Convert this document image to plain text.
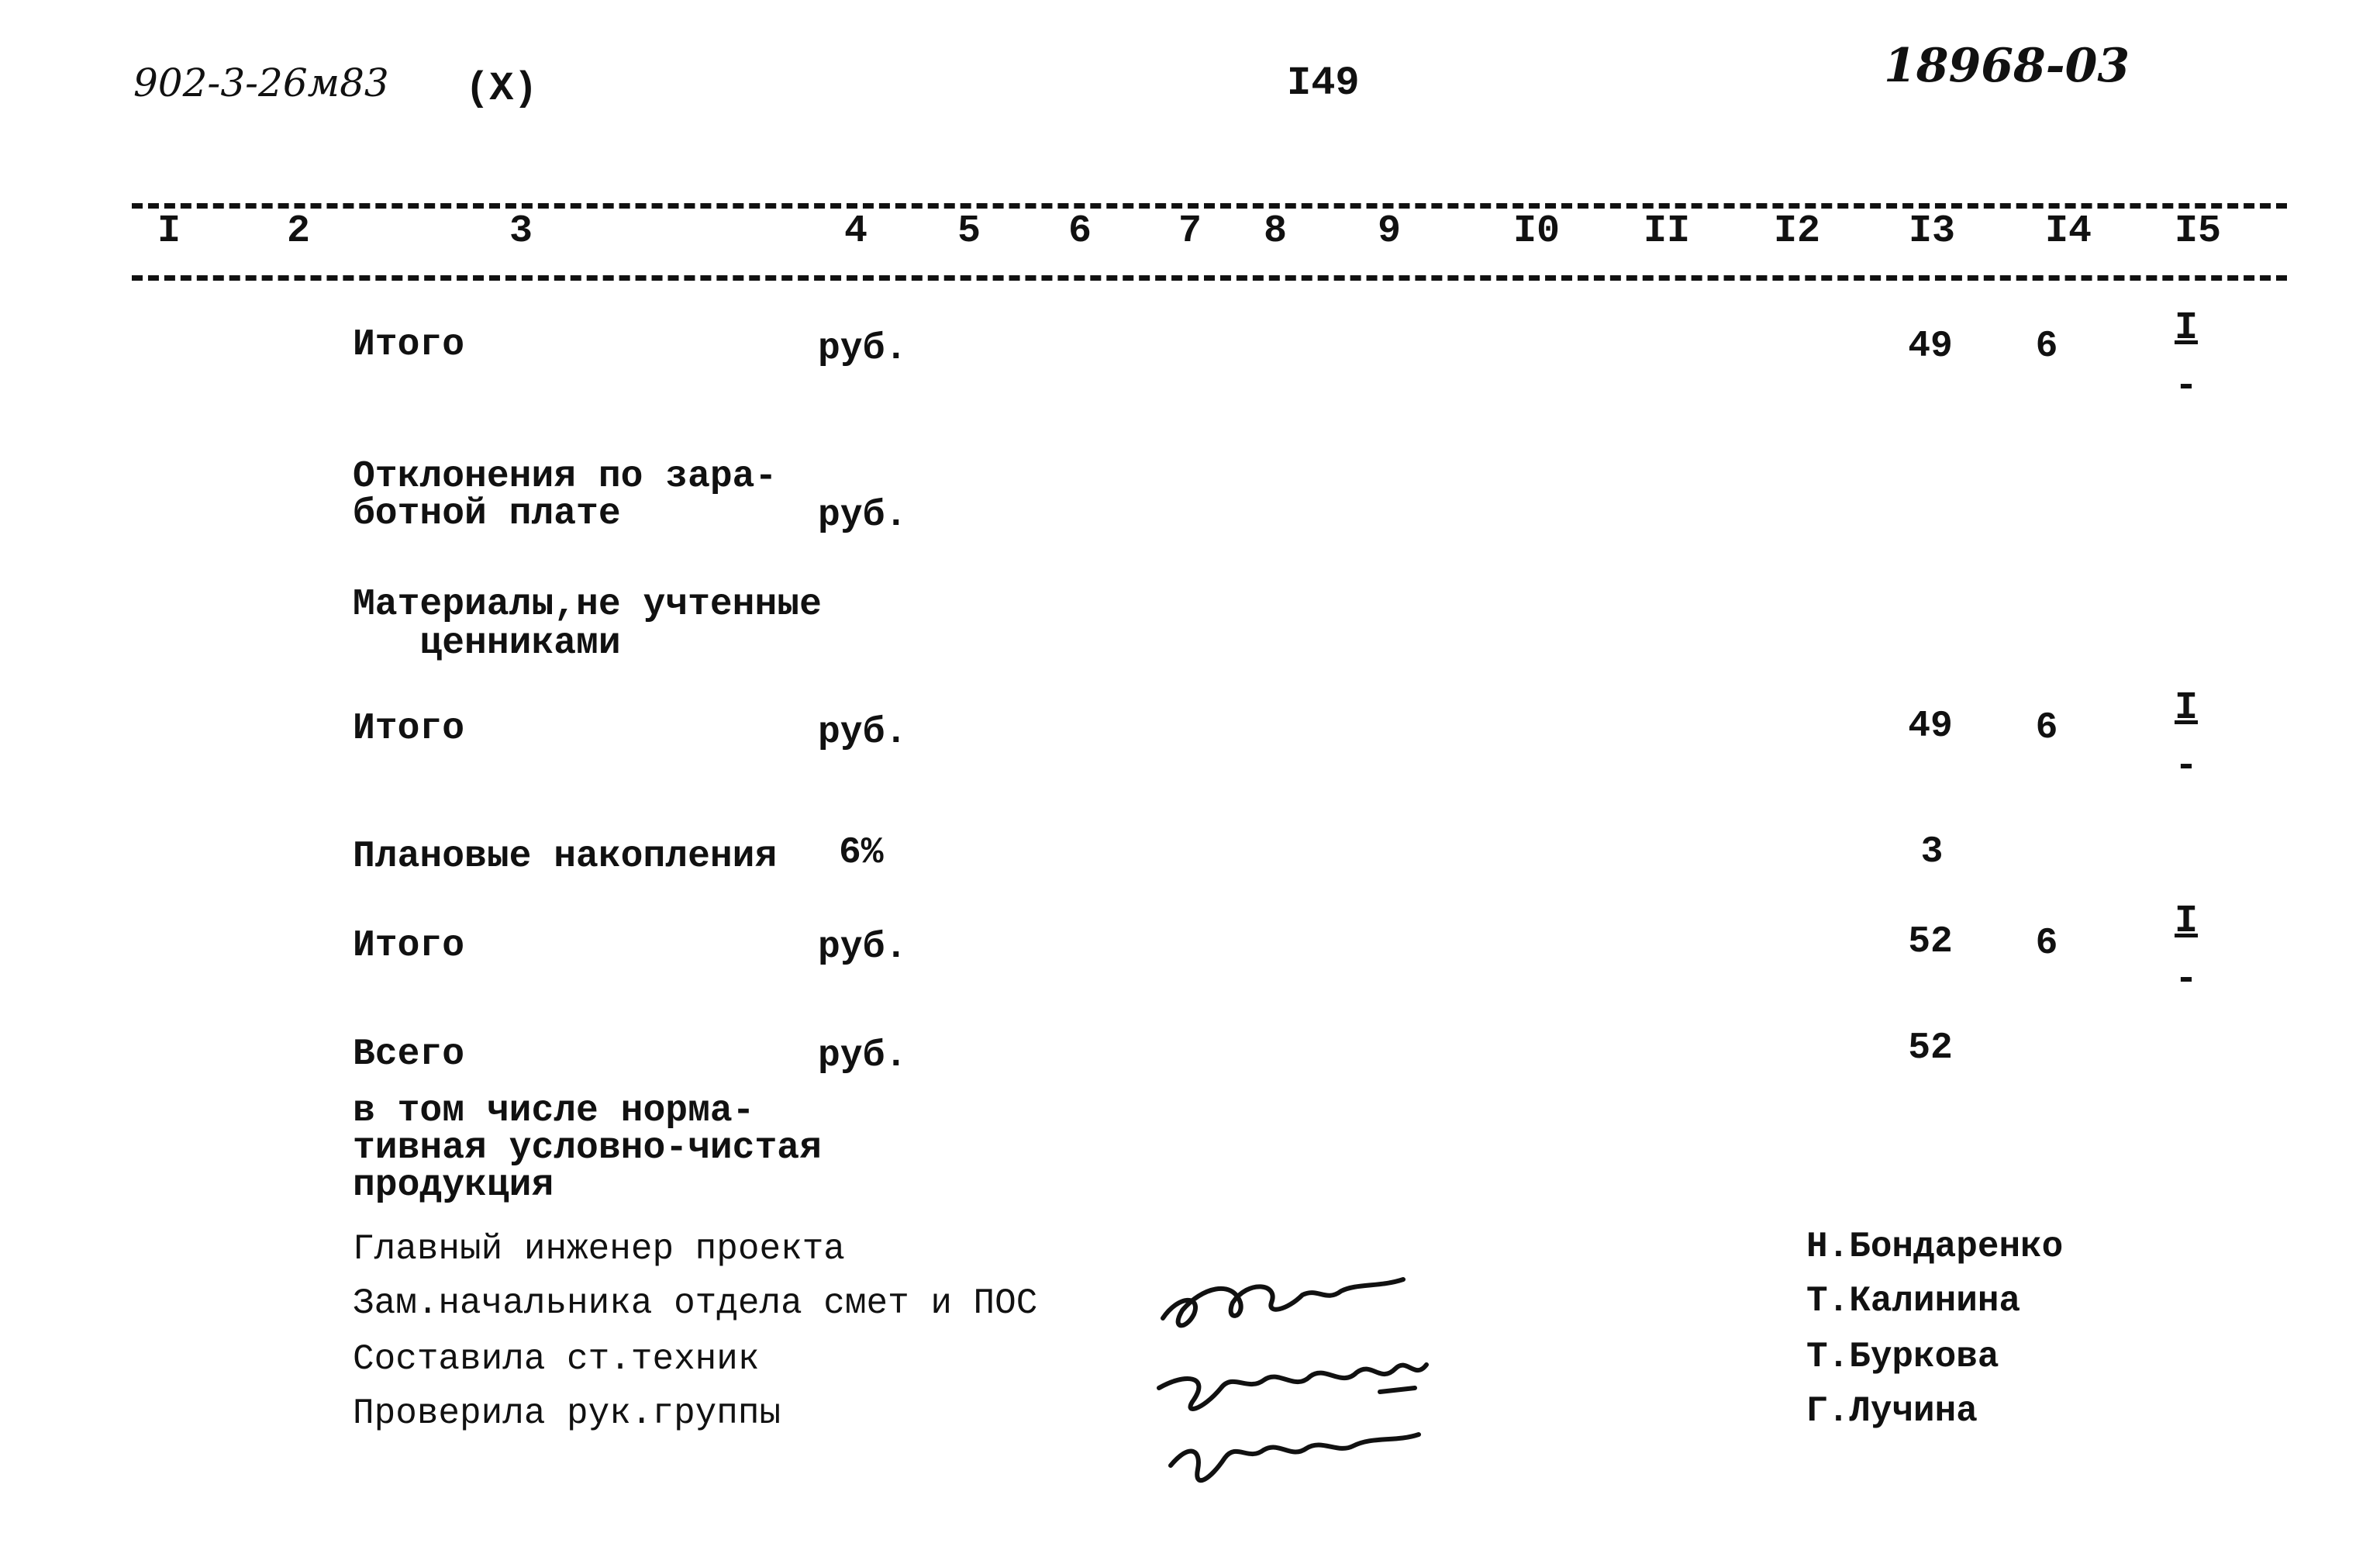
902-3-26м83 (X)	I49	18968-03
I	2	3	4	5	6	7	8	9	I0	II	I2	I3	I4	I5
Итого	руб.	49	6	I
-
Отклонения по зара-
ботной плате	руб.
Материалы,не учтенные
ценниками
Итого	руб.	49	6	I
-
Плановые накопления 6%	3
Итого	руб.	52	6	I
-
Всего	руб.	52
в том числе норма-
тивная условно-чистая
продукция
Главный инженер проекта
Зам.начальника отдела смет и ПОС
Составила ст.техник
Проверила рук.группы
Н.Бондаренко
Т.Калинина
Т.Буркова
Г.Лучина
